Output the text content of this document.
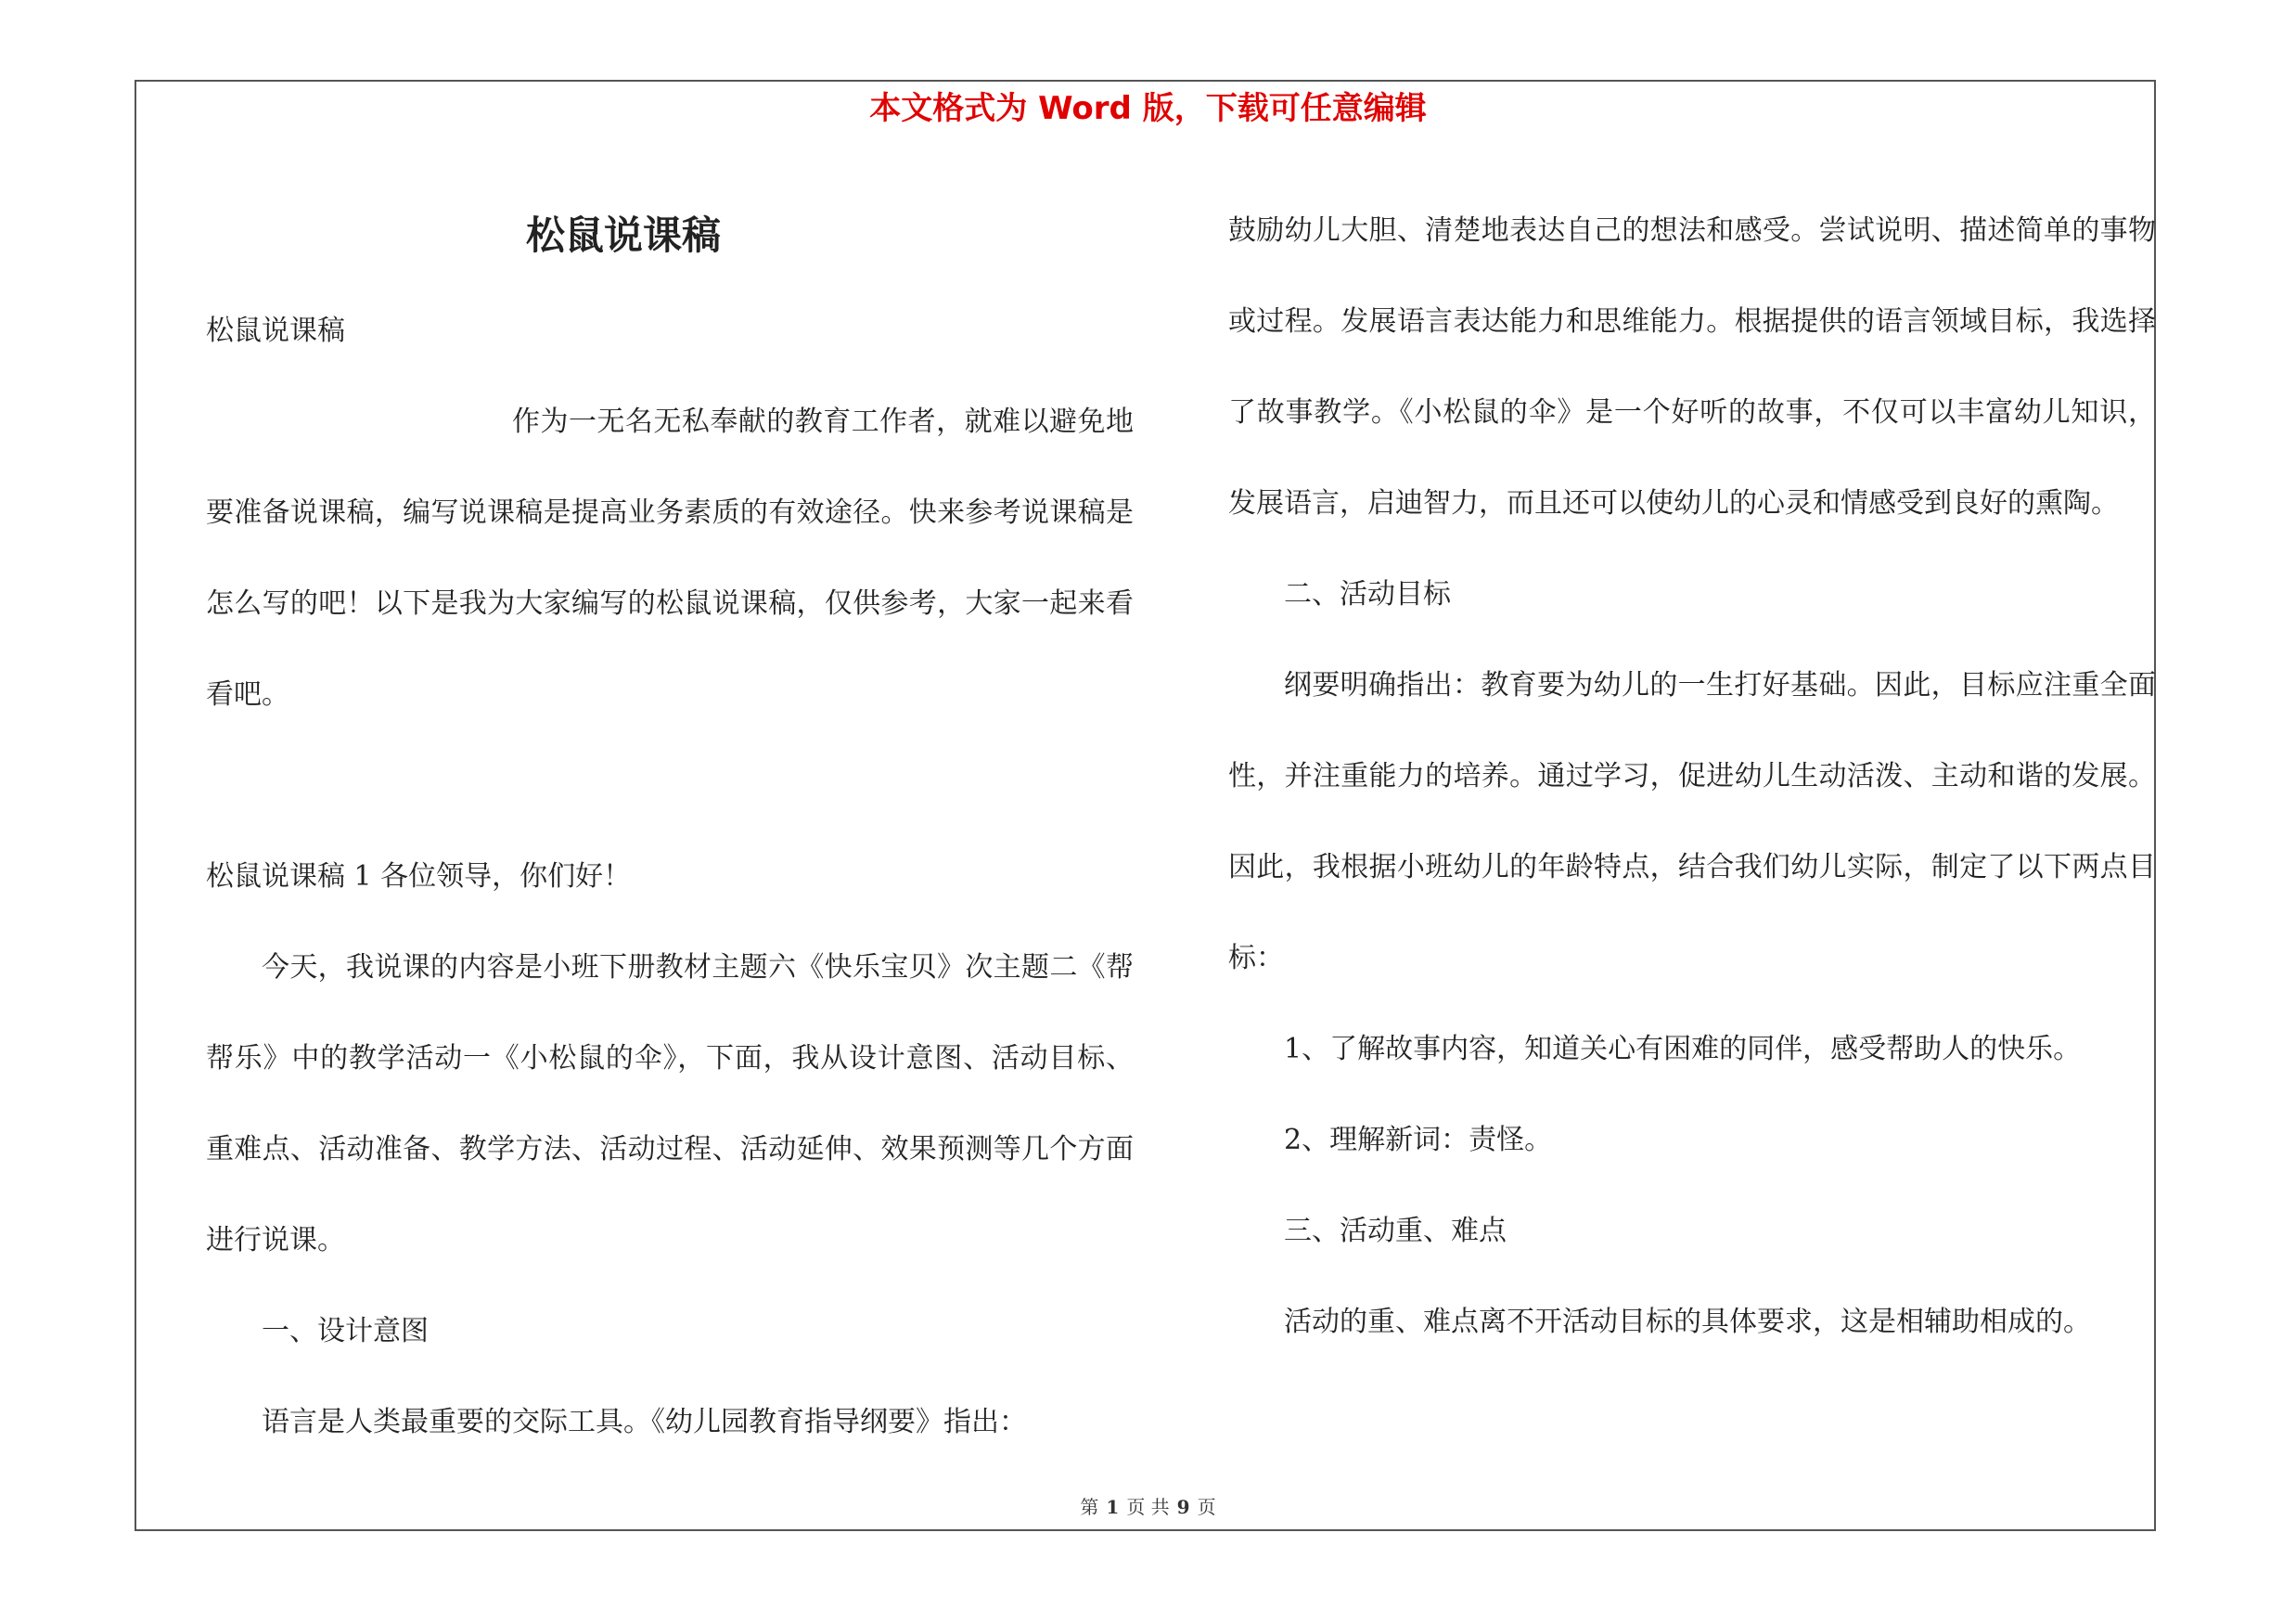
本文格式为 Word 版，下载可任意编辑
松鼠说课稿

松鼠说课稿

作为一无名无私奉献的教育工作者，就难以避免地要准备说课稿，编写说课稿是提高业务素质的有效途径。快来参考说课稿是怎么写的吧！以下是我为大家编写的松鼠说课稿，仅供参考，大家一起来看看吧。

松鼠说课稿 1 各位领导，你们好！

今天，我说课的内容是小班下册教材主题六《快乐宝贝》次主题二《帮帮乐》中的教学活动一《小松鼠的伞》，下面，我从设计意图、活动目标、重难点、活动准备、教学方法、活动过程、活动延伸、效果预测等几个方面进行说课。

一、设计意图

语言是人类最重要的交际工具。《幼儿园教育指导纲要》指出：

鼓励幼儿大胆、清楚地表达自己的想法和感受。尝试说明、描述简单的事物或过程。发展语言表达能力和思维能力。根据提供的语言领域目标，我选择了故事教学。《小松鼠的伞》是一个好听的故事，不仅可以丰富幼儿知识，发展语言，启迪智力，而且还可以使幼儿的心灵和情感受到良好的熏陶。

二、活动目标

纲要明确指出：教育要为幼儿的一生打好基础。因此，目标应注重全面性，并注重能力的培养。通过学习，促进幼儿生动活泼、主动和谐的发展。因此，我根据小班幼儿的年龄特点，结合我们幼儿实际，制定了以下两点目标：

1、了解故事内容，知道关心有困难的同伴，感受帮助人的快乐。

2、理解新词：责怪。

三、活动重、难点

活动的重、难点离不开活动目标的具体要求，这是相辅助相成的。

第 1 页 共 9 页
